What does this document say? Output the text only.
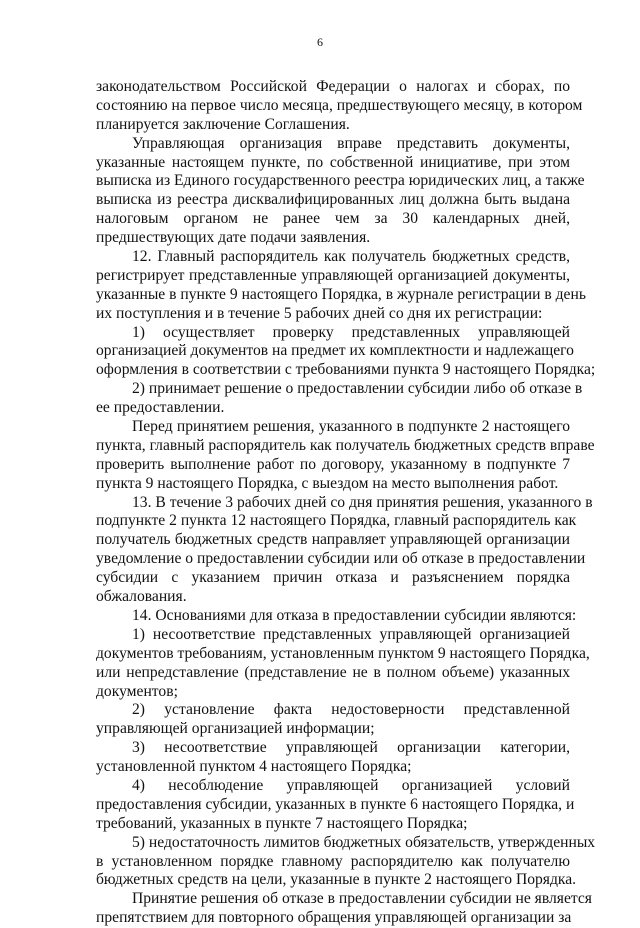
6
законодательством Российской Федерации о налогах и сборах, по
состоянию на первое число месяца, предшествующего месяцу, в котором
планируется заключение Соглашения.
Управляющая организация вправе представить документы,
указанные настоящем пункте, по собственной инициативе, при этом
выписка из Единого государственного реестра юридических лиц, а также
выписка из реестра дисквалифицированных лиц должна быть выдана
налоговым органом не ранее чем за 30 календарных дней,
предшествующих дате подачи заявления.
12. Главный распорядитель как получатель бюджетных средств,
регистрирует представленные управляющей организацией документы,
указанные в пункте 9 настоящего Порядка, в журнале регистрации в день
их поступления и в течение 5 рабочих дней со дня их регистрации:
1) осуществляет проверку представленных управляющей
организацией документов на предмет их комплектности и надлежащего
оформления в соответствии с требованиями пункта 9 настоящего Порядка;
2) принимает решение о предоставлении субсидии либо об отказе в
ее предоставлении.
Перед принятием решения, указанного в подпункте 2 настоящего
пункта, главный распорядитель как получатель бюджетных средств вправе
проверить выполнение работ по договору, указанному в подпункте 7
пункта 9 настоящего Порядка, с выездом на место выполнения работ.
13. В течение 3 рабочих дней со дня принятия решения, указанного в
подпункте 2 пункта 12 настоящего Порядка, главный распорядитель как
получатель бюджетных средств направляет управляющей организации
уведомление о предоставлении субсидии или об отказе в предоставлении
субсидии с указанием причин отказа и разъяснением порядка
обжалования.
14. Основаниями для отказа в предоставлении субсидии являются:
1) несоответствие представленных управляющей организацией
документов требованиям, установленным пунктом 9 настоящего Порядка,
или непредставление (представление не в полном объеме) указанных
документов;
2) установление факта недостоверности представленной
управляющей организацией информации;
3) несоответствие управляющей организации категории,
установленной пунктом 4 настоящего Порядка;
4) несоблюдение управляющей организацией условий
предоставления субсидии, указанных в пункте 6 настоящего Порядка, и
требований, указанных в пункте 7 настоящего Порядка;
5) недостаточность лимитов бюджетных обязательств, утвержденных
в установленном порядке главному распорядителю как получателю
бюджетных средств на цели, указанные в пункте 2 настоящего Порядка.
Принятие решения об отказе в предоставлении субсидии не является
препятствием для повторного обращения управляющей организации за
